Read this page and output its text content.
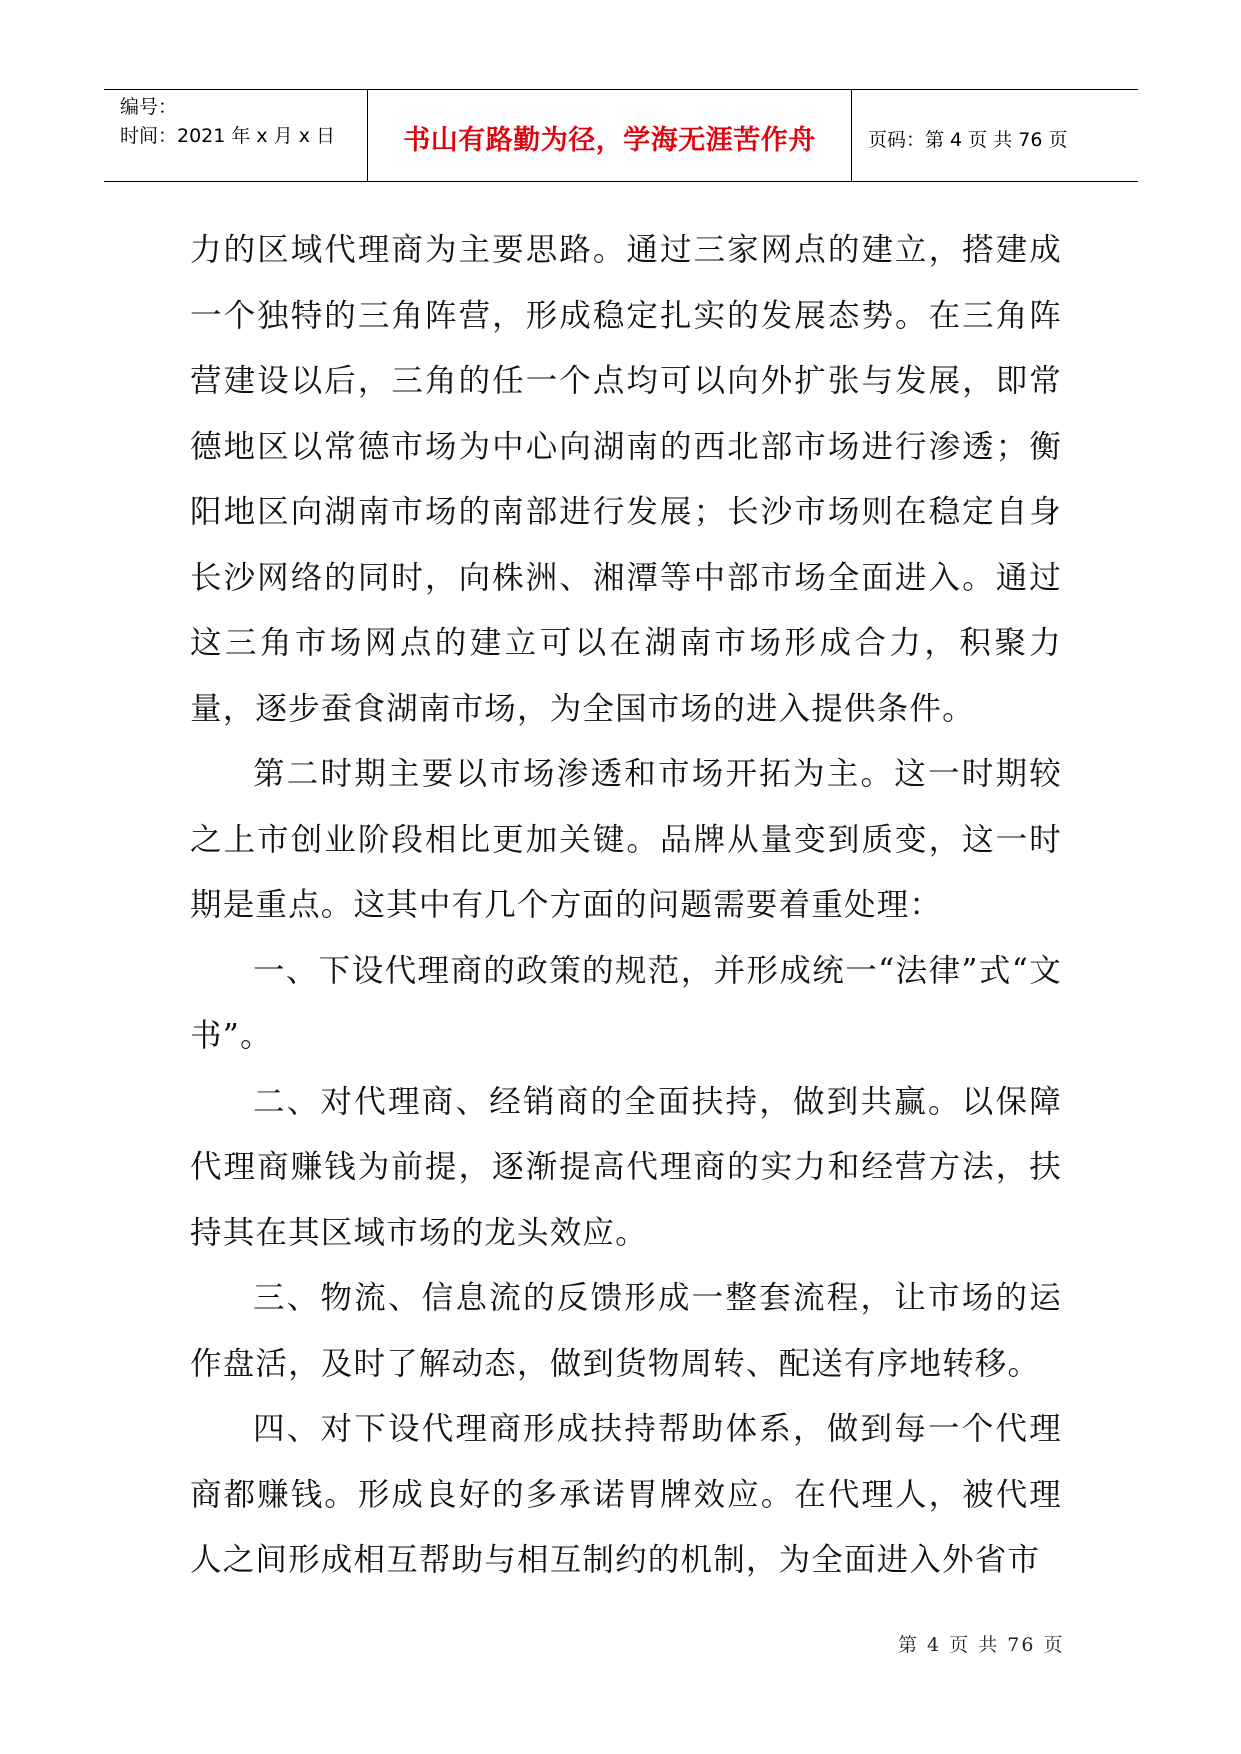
编号：
时间：2021 年 x 月 x 日	书山有路勤为径，学海无涯苦作舟	页码：第 4 页 共 76 页

力的区域代理商为主要思路。通过三家网点的建立，搭建成一个独特的三角阵营，形成稳定扎实的发展态势。在三角阵营建设以后，三角的任一个点均可以向外扩张与发展，即常德地区以常德市场为中心向湖南的西北部市场进行渗透；衡阳地区向湖南市场的南部进行发展；长沙市场则在稳定自身长沙网络的同时，向株洲、湘潭等中部市场全面进入。通过这三角市场网点的建立可以在湖南市场形成合力，积聚力量，逐步蚕食湖南市场，为全国市场的进入提供条件。

第二时期主要以市场渗透和市场开拓为主。这一时期较之上市创业阶段相比更加关键。品牌从量变到质变，这一时期是重点。这其中有几个方面的问题需要着重处理：

一、下设代理商的政策的规范，并形成统一“法律”式“文书”。

二、对代理商、经销商的全面扶持，做到共赢。以保障代理商赚钱为前提，逐渐提高代理商的实力和经营方法，扶持其在其区域市场的龙头效应。

三、物流、信息流的反馈形成一整套流程，让市场的运作盘活，及时了解动态，做到货物周转、配送有序地转移。

四、对下设代理商形成扶持帮助体系，做到每一个代理商都赚钱。形成良好的多承诺胃牌效应。在代理人，被代理人之间形成相互帮助与相互制约的机制，为全面进入外省市

第 4 页 共 76 页
